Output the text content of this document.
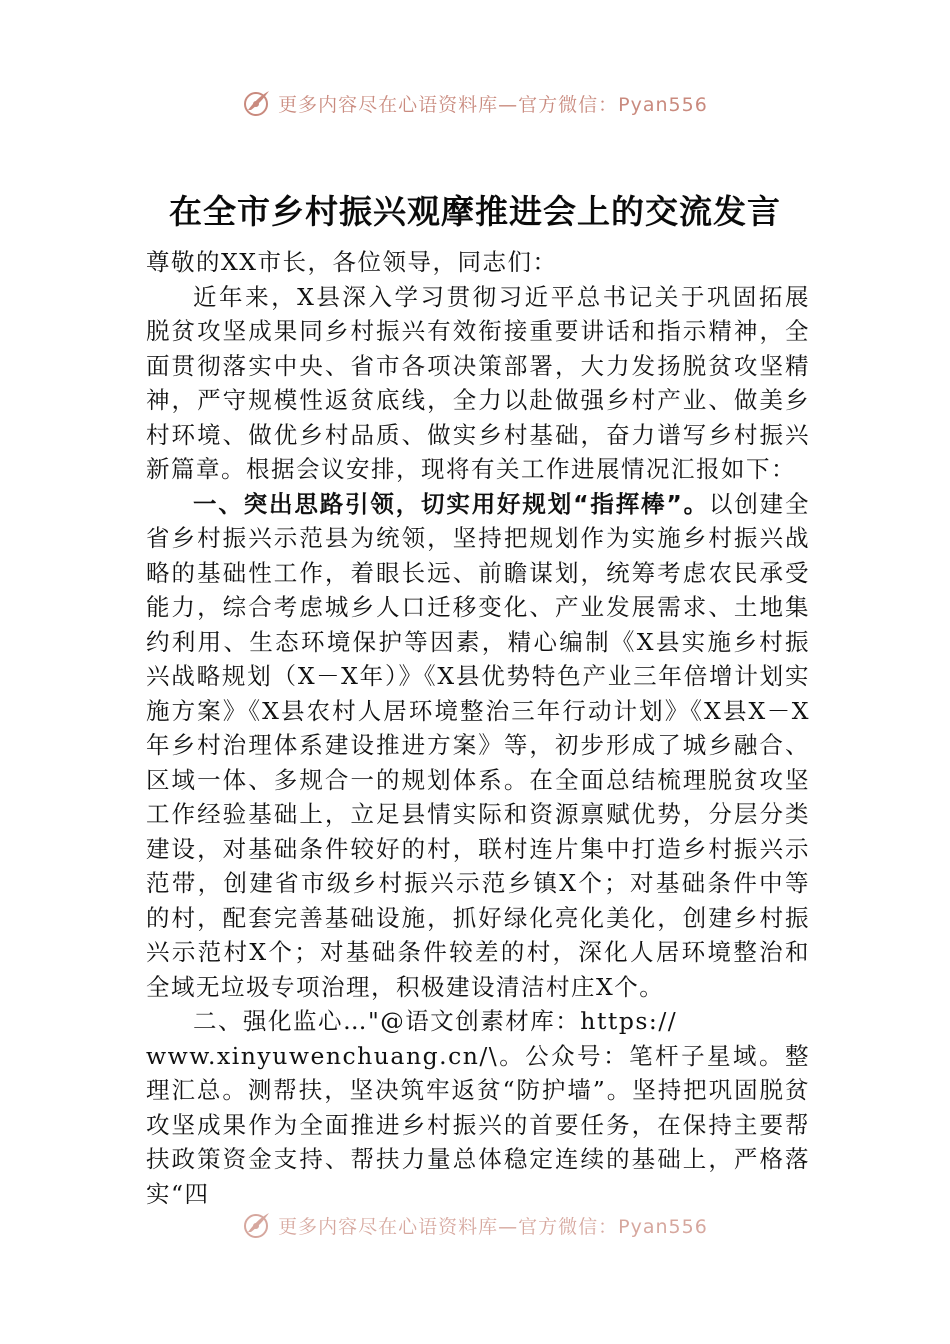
更多内容尽在心语资料库—官方微信：Pyan556
在全市乡村振兴观摩推进会上的交流发言

尊敬的XX市长，各位领导，同志们：

近年来，X县深入学习贯彻习近平总书记关于巩固拓展脱贫攻坚成果同乡村振兴有效衔接重要讲话和指示精神，全面贯彻落实中央、省市各项决策部署，大力发扬脱贫攻坚精神，严守规模性返贫底线，全力以赴做强乡村产业、做美乡村环境、做优乡村品质、做实乡村基础，奋力谱写乡村振兴新篇章。根据会议安排，现将有关工作进展情况汇报如下：

一、突出思路引领，切实用好规划“指挥棒”。以创建全省乡村振兴示范县为统领，坚持把规划作为实施乡村振兴战略的基础性工作，着眼长远、前瞻谋划，统筹考虑农民承受能力，综合考虑城乡人口迁移变化、产业发展需求、土地集约利用、生态环境保护等因素，精心编制《X县实施乡村振兴战略规划（X－X年）》《X县优势特色产业三年倍增计划实施方案》《X县农村人居环境整治三年行动计划》《X县X－X年乡村治理体系建设推进方案》等，初步形成了城乡融合、区域一体、多规合一的规划体系。在全面总结梳理脱贫攻坚工作经验基础上，立足县情实际和资源禀赋优势，分层分类建设，对基础条件较好的村，联村连片集中打造乡村振兴示范带，创建省市级乡村振兴示范乡镇X个；对基础条件中等的村，配套完善基础设施，抓好绿化亮化美化，创建乡村振兴示范村X个；对基础条件较差的村，深化人居环境整治和全域无垃圾专项治理，积极建设清洁村庄X个。

二、强化监心…"@语文创素材库：https://

www.xinyuwenchuang.cn/\。公众号：笔杆子星域。整理汇总。测帮扶，坚决筑牢返贫“防护墙”。坚持把巩固脱贫攻坚成果作为全面推进乡村振兴的首要任务，在保持主要帮扶政策资金支持、帮扶力量总体稳定连续的基础上，严格落实“四

更多内容尽在心语资料库—官方微信：Pyan556
